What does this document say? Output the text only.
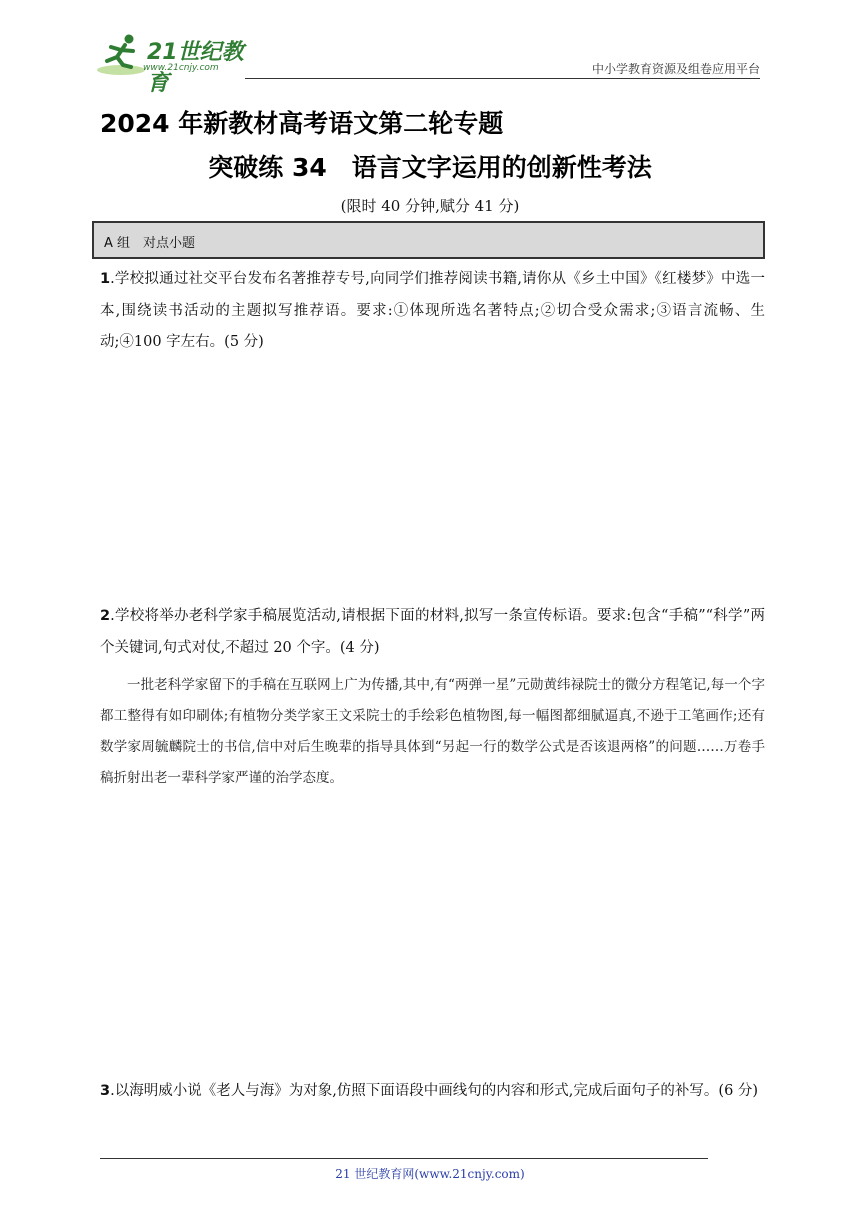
21世纪教育
www.21cnjy.com	中小学教育资源及组卷应用平台
2024 年新教材高考语文第二轮专题
突破练 34　语言文字运用的创新性考法
(限时 40 分钟,赋分 41 分)
A 组　对点小题
1.学校拟通过社交平台发布名著推荐专号,向同学们推荐阅读书籍,请你从《乡土中国》《红楼梦》中选一本,围绕读书活动的主题拟写推荐语。要求:①体现所选名著特点;②切合受众需求;③语言流畅、生动;④100 字左右。(5 分)
2.学校将举办老科学家手稿展览活动,请根据下面的材料,拟写一条宣传标语。要求:包含“手稿”“科学”两个关键词,句式对仗,不超过 20 个字。(4 分)
一批老科学家留下的手稿在互联网上广为传播,其中,有“两弹一星”元勋黄纬禄院士的微分方程笔记,每一个字都工整得有如印刷体;有植物分类学家王文采院士的手绘彩色植物图,每一幅图都细腻逼真,不逊于工笔画作;还有数学家周毓麟院士的书信,信中对后生晚辈的指导具体到“另起一行的数学公式是否该退两格”的问题……万卷手稿折射出老一辈科学家严谨的治学态度。
3.以海明威小说《老人与海》为对象,仿照下面语段中画线句的内容和形式,完成后面句子的补写。(6 分)
21 世纪教育网(www.21cnjy.com)
